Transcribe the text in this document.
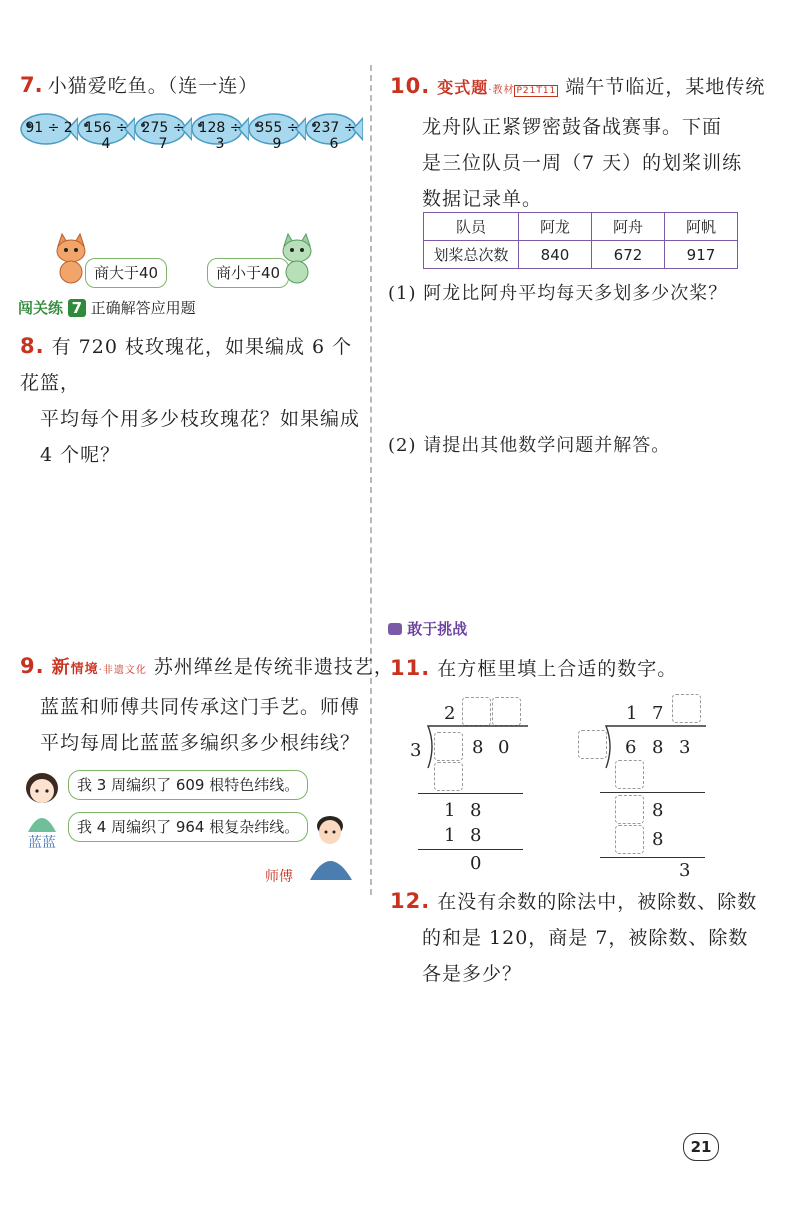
7. 小猫爱吃鱼。（连一连）
91 ÷ 2 156 ÷ 4
275 ÷ 7
128 ÷ 3
355 ÷ 9
237 ÷ 6
商大于40	商小于40
闯关练 7 正确解答应用题
8. 有 720 枝玫瑰花，如果编成 6 个花篮，
平均每个用多少枝玫瑰花？如果编成
4 个呢？
9. 新情境·非遗文化 苏州缂丝是传统非遗技艺，
蓝蓝和师傅共同传承这门手艺。师傅
平均每周比蓝蓝多编织多少根纬线？
蓝蓝
我 3 周编织了 609 根特色纬线。
我 4 周编织了 964 根复杂纬线。
师傅
10. 变式题·教材 P21T11 端午节临近，某地传统
龙舟队正紧锣密鼓备战赛事。下面
是三位队员一周（7 天）的划桨训练
数据记录单。
队员	阿龙	阿舟	阿帆
划桨总次数	840	672	917
(1) 阿龙比阿舟平均每天多划多少次桨？
(2) 请提出其他数学问题并解答。
敢于挑战
11. 在方框里填上合适的数字。
2
3	8 0
1 8
1 8
0
1 7
6 8 3
8
8
3
12. 在没有余数的除法中，被除数、除数
的和是 120，商是 7，被除数、除数
各是多少？
21
